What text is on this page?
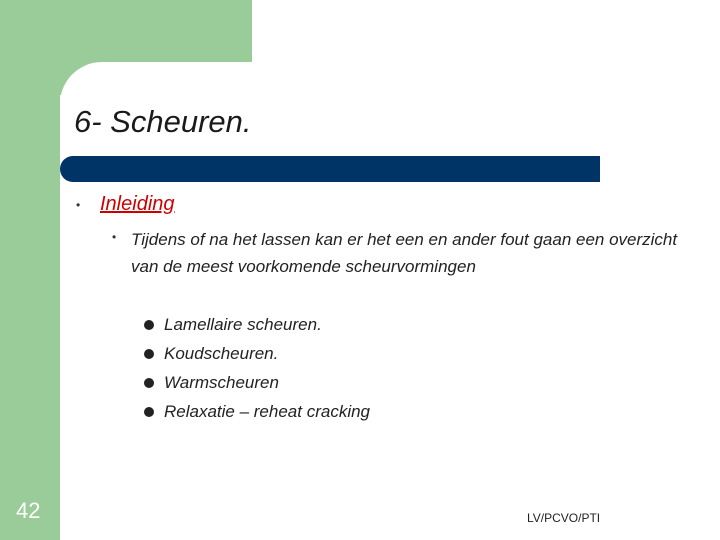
6- Scheuren.
• Inleiding
• Tijdens of na het lassen kan er het een en ander fout gaan een overzicht van de meest voorkomende scheurvormingen
Lamellaire scheuren.
Koudscheuren.
Warmscheuren
Relaxatie – reheat cracking
42	LV/PCVO/PTI
